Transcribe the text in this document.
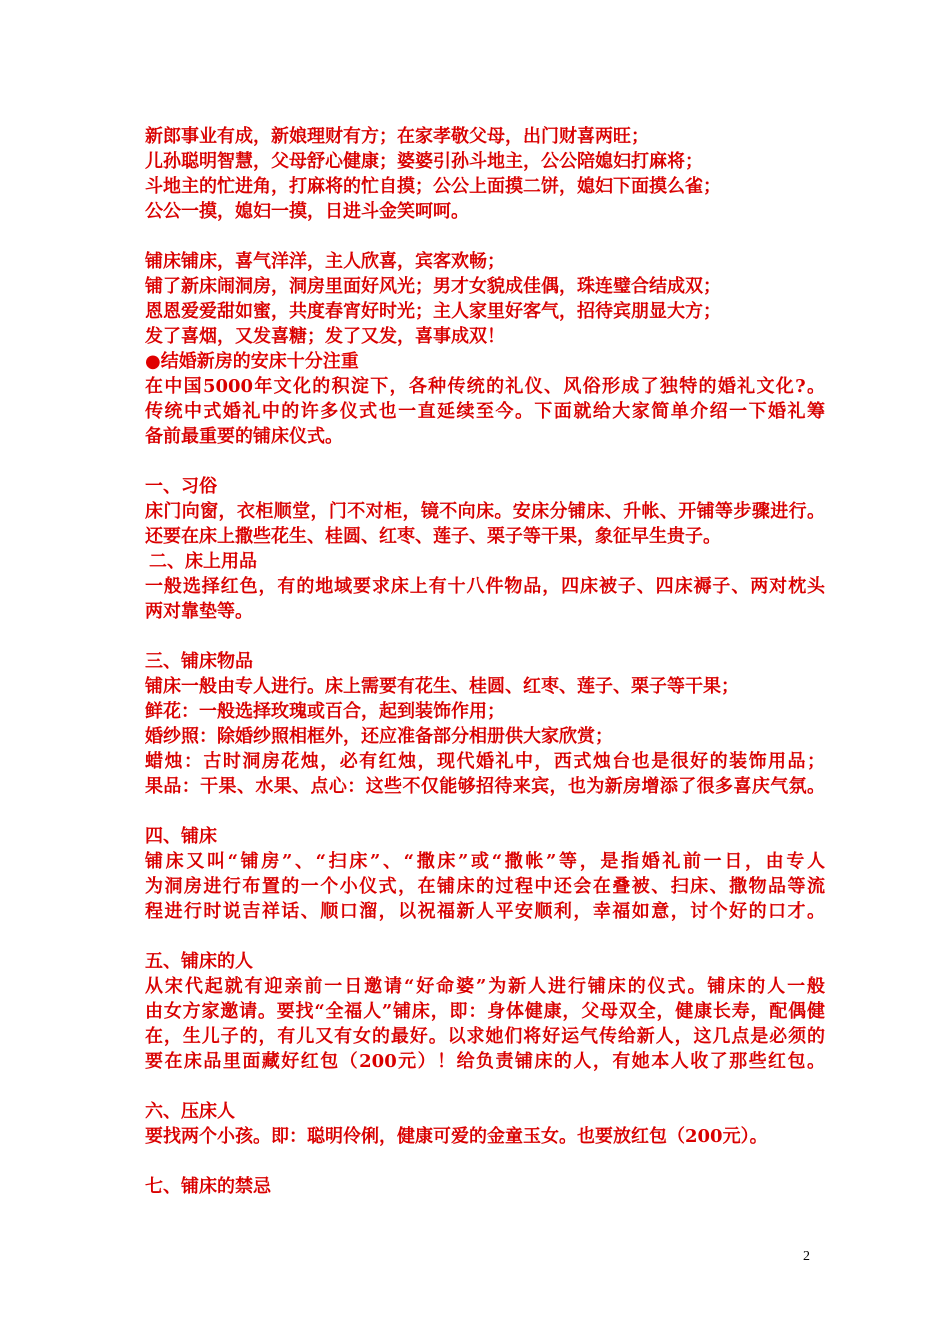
新郎事业有成，新娘理财有方；在家孝敬父母，出门财喜两旺；
儿孙聪明智慧，父母舒心健康；婆婆引孙斗地主，公公陪媳妇打麻将；
斗地主的忙进角，打麻将的忙自摸；公公上面摸二饼，媳妇下面摸么雀；
公公一摸，媳妇一摸，日进斗金笑呵呵。
铺床铺床，喜气洋洋，主人欣喜，宾客欢畅；
铺了新床闹洞房，洞房里面好风光；男才女貌成佳偶，珠连璧合结成双；
恩恩爱爱甜如蜜，共度春宵好时光；主人家里好客气，招待宾朋显大方；
发了喜烟，又发喜糖；发了又发，喜事成双！
●结婚新房的安床十分注重
在中国5000年文化的积淀下，各种传统的礼仪、风俗形成了独特的婚礼文化?。
传统中式婚礼中的许多仪式也一直延续至今。下面就给大家简单介绍一下婚礼筹
备前最重要的铺床仪式。
一、习俗
床门向窗，衣柜顺堂，门不对柜，镜不向床。安床分铺床、升帐、开铺等步骤进行。
还要在床上撒些花生、桂圆、红枣、莲子、栗子等干果，象征早生贵子。
二、床上用品
一般选择红色，有的地域要求床上有十八件物品，四床被子、四床褥子、两对枕头
两对靠垫等。
三、铺床物品
铺床一般由专人进行。床上需要有花生、桂圆、红枣、莲子、栗子等干果；
鲜花：一般选择玫瑰或百合，起到装饰作用；
婚纱照：除婚纱照相框外，还应准备部分相册供大家欣赏；
蜡烛：古时洞房花烛，必有红烛，现代婚礼中，西式烛台也是很好的装饰用品；
果品：干果、水果、点心：这些不仅能够招待来宾，也为新房增添了很多喜庆气氛。
四、铺床
铺床又叫“铺房”、“扫床”、“撒床”或“撒帐”等，是指婚礼前一日，由专人
为洞房进行布置的一个小仪式，在铺床的过程中还会在叠被、扫床、撒物品等流
程进行时说吉祥话、顺口溜，以祝福新人平安顺利，幸福如意，讨个好的口才。
五、铺床的人
从宋代起就有迎亲前一日邀请“好命婆”为新人进行铺床的仪式。铺床的人一般
由女方家邀请。要找“全福人”铺床，即：身体健康，父母双全，健康长寿，配偶健
在，生儿子的，有儿又有女的最好。以求她们将好运气传给新人，这几点是必须的
要在床品里面藏好红包（200元）！给负责铺床的人，有她本人收了那些红包。
六、压床人
要找两个小孩。即：聪明伶俐，健康可爱的金童玉女。也要放红包（200元）。
七、铺床的禁忌
2
